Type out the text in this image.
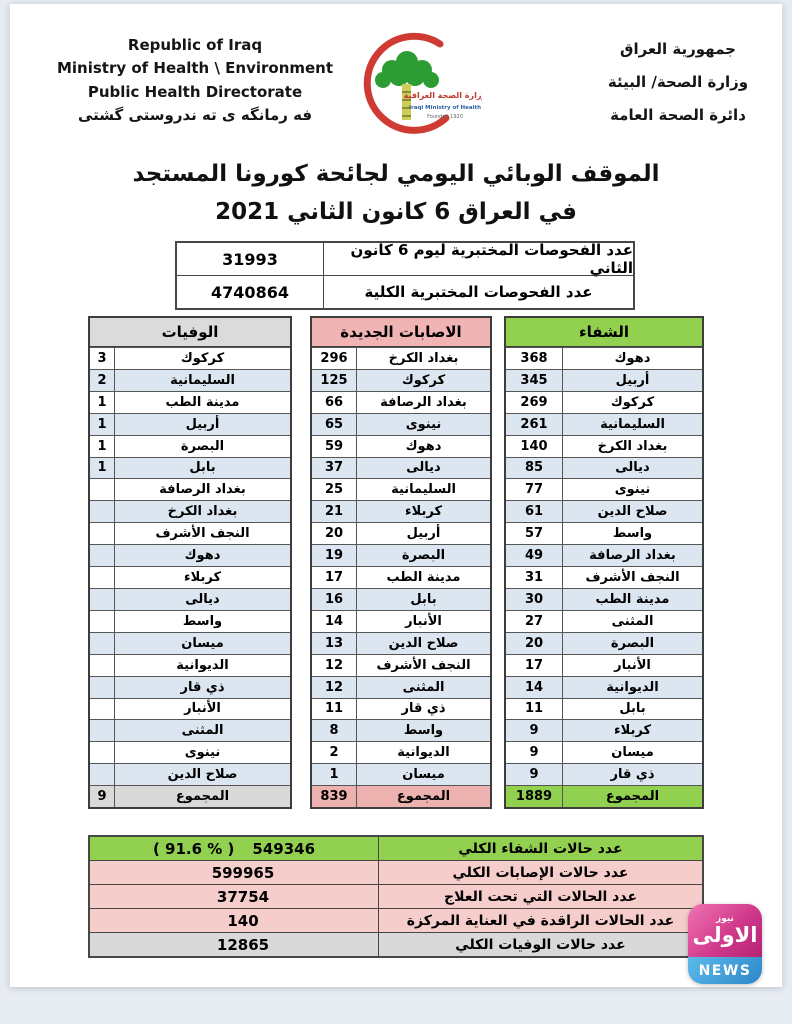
Republic of Iraq
Ministry of Health \ Environment
Public Health Directorate
فه رمانگه ی ته ندروستی گشتی
وزارة الصحة العراقية
Iraqi Ministry of Health
Founded 1920
جمهورية العراق
وزارة الصحة/ البيئة
دائرة الصحة العامة
الموقف الوبائي اليومي لجائحة كورونا المستجد
في العراق 6 كانون الثاني 2021
31993	عدد الفحوصات المختبرية ليوم 6 كانون الثاني
4740864	عدد الفحوصات المختبرية الكلية
الوفيات
3	كركوك
2	السليمانية
1	مدينة الطب
1	أربيل
1	البصرة
1	بابل
بغداد الرصافة
بغداد الكرخ
النجف الأشرف
دهوك
كربلاء
ديالى
واسط
ميسان
الديوانية
ذي قار
الأنبار
المثنى
نينوى
صلاح الدين
9	المجموع
الاصابات الجديدة
296	بغداد الكرخ
125	كركوك
66	بغداد الرصافة
65	نينوى
59	دهوك
37	ديالى
25	السليمانية
21	كربلاء
20	أربيل
19	البصرة
17	مدينة الطب
16	بابل
14	الأنبار
13	صلاح الدين
12	النجف الأشرف
12	المثنى
11	ذي قار
8	واسط
2	الديوانية
1	ميسان
839	المجموع
الشفاء
368	دهوك
345	أربيل
269	كركوك
261	السليمانية
140	بغداد الكرخ
85	ديالى
77	نينوى
61	صلاح الدين
57	واسط
49	بغداد الرصافة
31	النجف الأشرف
30	مدينة الطب
27	المثنى
20	البصرة
17	الأنبار
14	الديوانية
11	بابل
9	كربلاء
9	ميسان
9	ذي قار
1889	المجموع
( 91.6 % ) 549346	عدد حالات الشفاء الكلي
599965	عدد حالات الإصابات الكلي
37754	عدد الحالات التي تحت العلاج
140	عدد الحالات الراقدة في العناية المركزة
12865	عدد حالات الوفيات الكلي
نيوز
الاولى
NEWS
